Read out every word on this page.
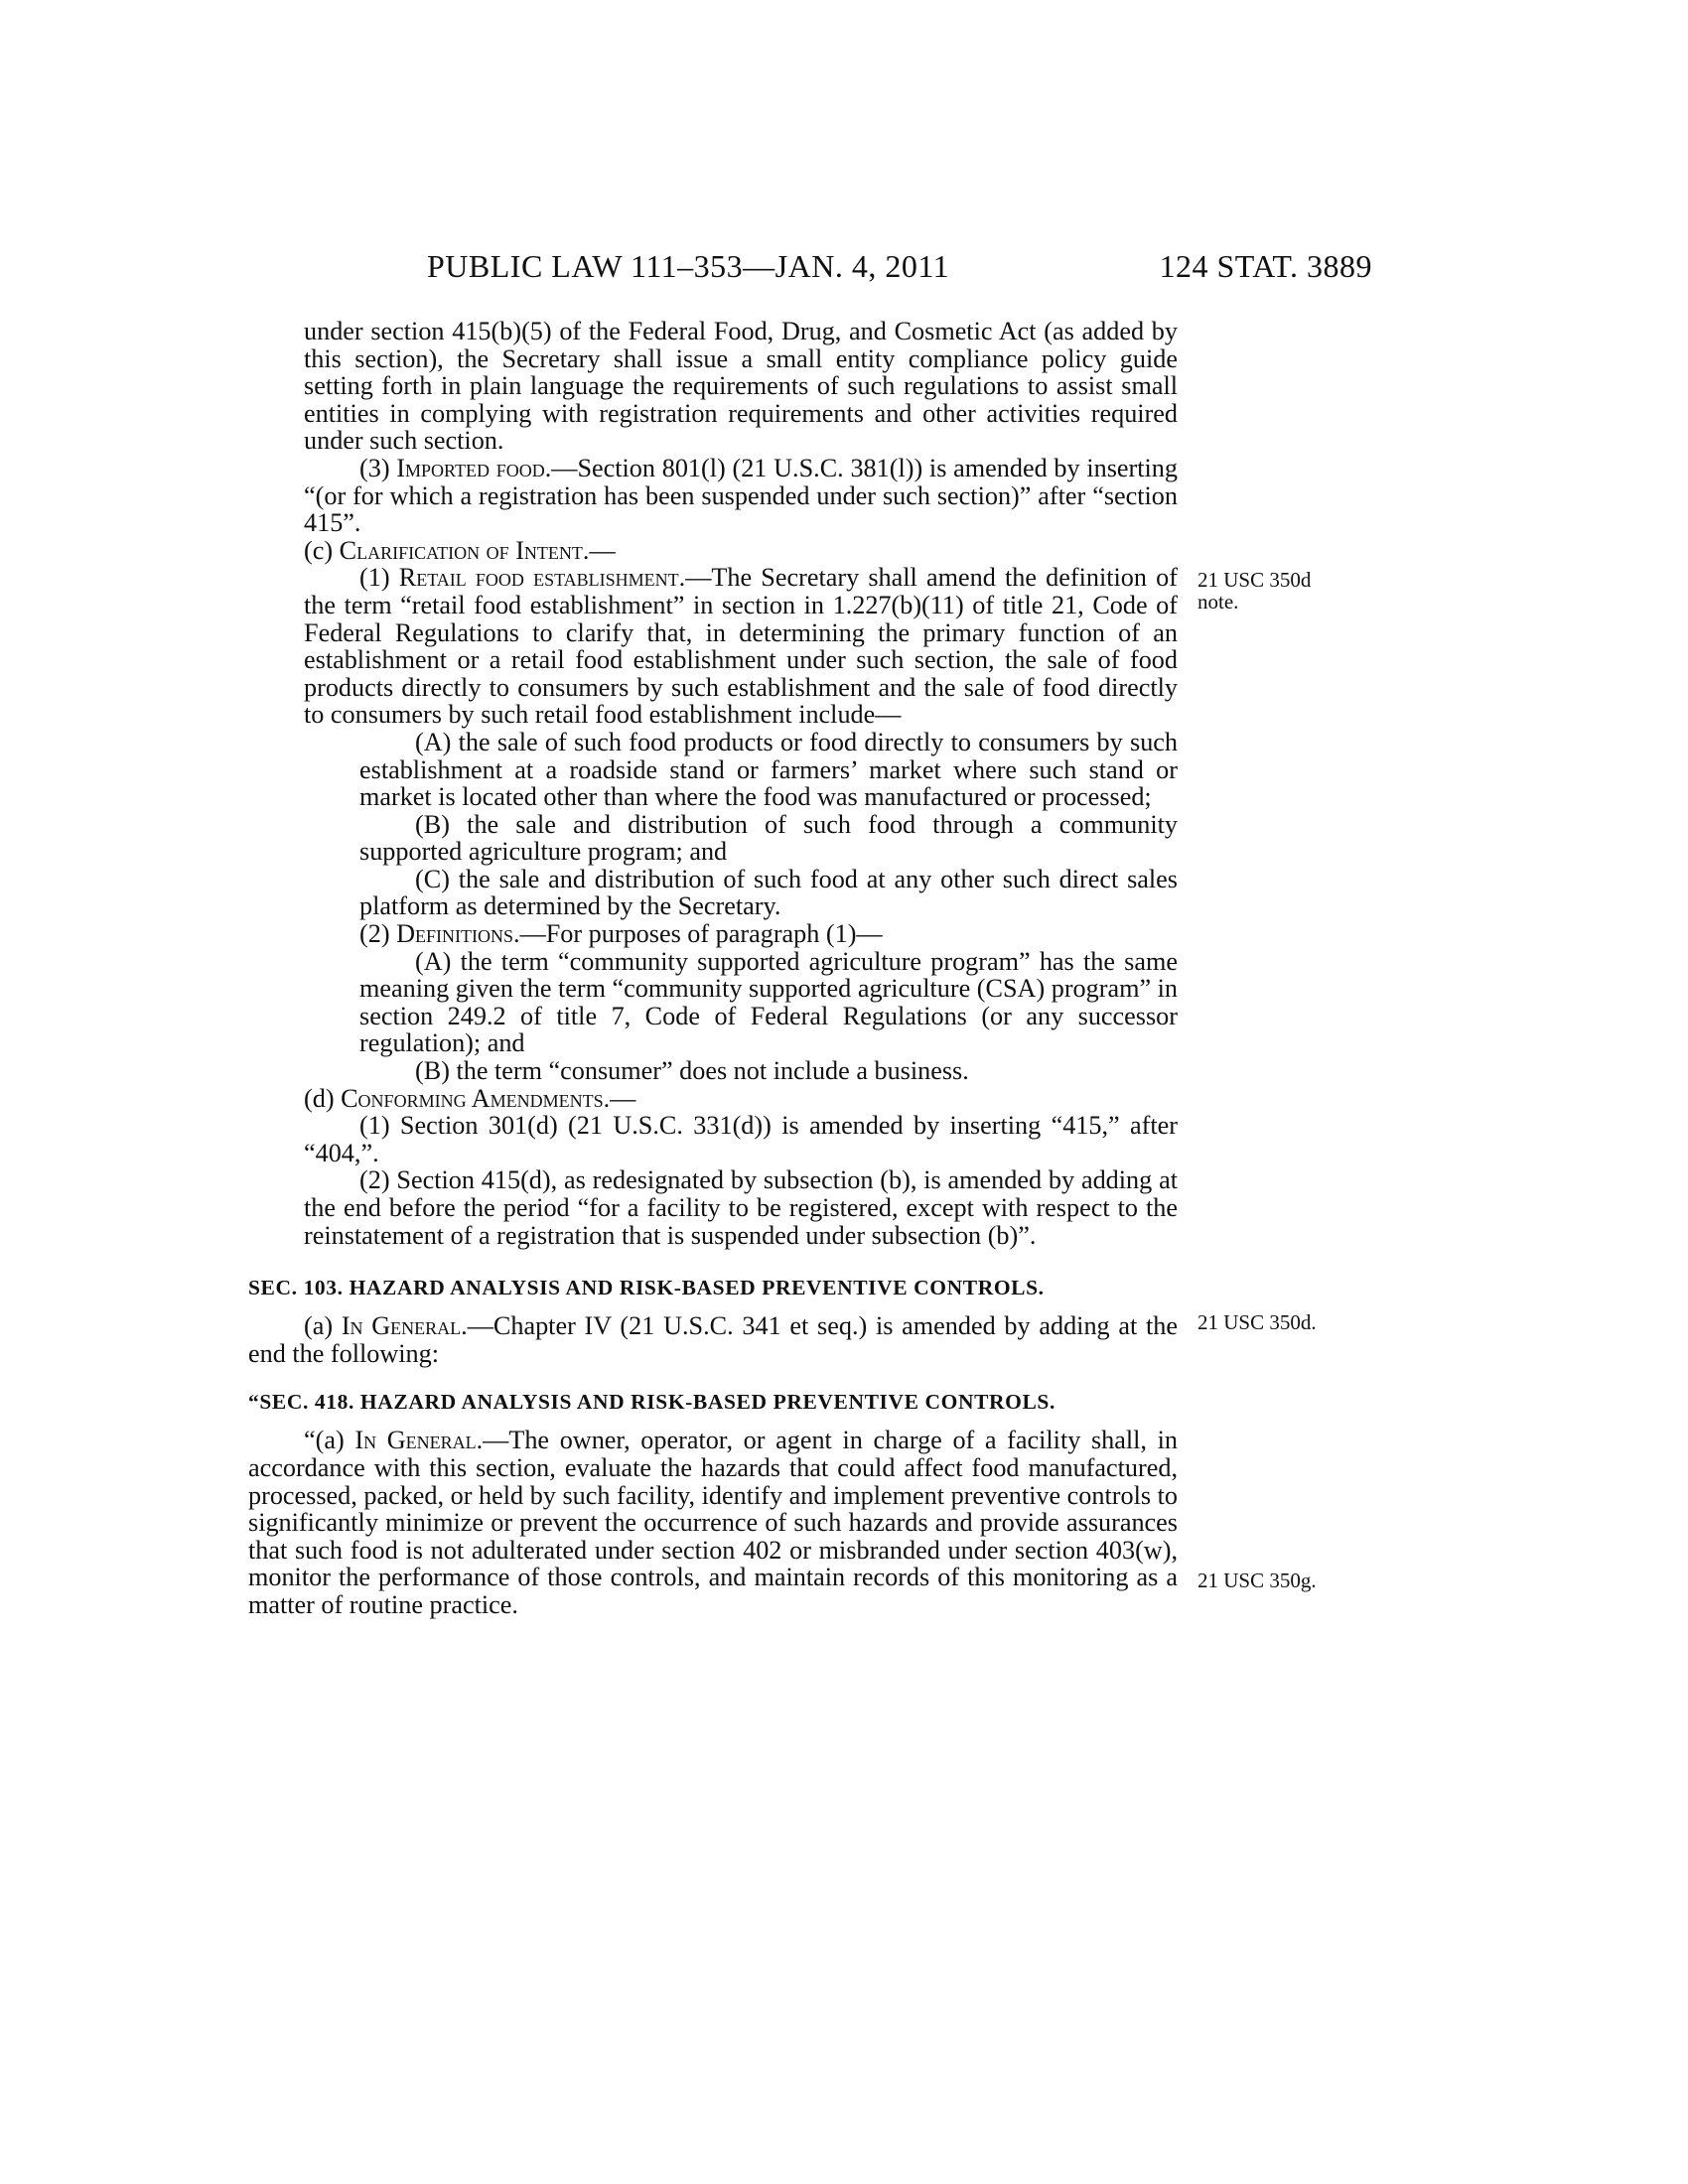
PUBLIC LAW 111–353—JAN. 4, 2011	124 STAT. 3889
21 USC 350d
note.
21 USC 350d.
21 USC 350g.

under section 415(b)(5) of the Federal Food, Drug, and Cosmetic Act (as added by this section), the Secretary shall issue a small entity compliance policy guide setting forth in plain language the requirements of such regulations to assist small entities in complying with registration requirements and other activities required under such section.

(3) Imported food.—Section 801(l) (21 U.S.C. 381(l)) is amended by inserting “(or for which a registration has been suspended under such section)” after “section 415”.

(c) Clarification of Intent.—

(1) Retail food establishment.—The Secretary shall amend the definition of the term “retail food establishment” in section in 1.227(b)(11) of title 21, Code of Federal Regulations to clarify that, in determining the primary function of an establishment or a retail food establishment under such section, the sale of food products directly to consumers by such establishment and the sale of food directly to consumers by such retail food establishment include—

(A) the sale of such food products or food directly to consumers by such establishment at a roadside stand or farmers’ market where such stand or market is located other than where the food was manufactured or processed;

(B) the sale and distribution of such food through a community supported agriculture program; and

(C) the sale and distribution of such food at any other such direct sales platform as determined by the Secretary.

(2) Definitions.—For purposes of paragraph (1)—

(A) the term “community supported agriculture program” has the same meaning given the term “community supported agriculture (CSA) program” in section 249.2 of title 7, Code of Federal Regulations (or any successor regulation); and

(B) the term “consumer” does not include a business.

(d) Conforming Amendments.—

(1) Section 301(d) (21 U.S.C. 331(d)) is amended by inserting “415,” after “404,”.

(2) Section 415(d), as redesignated by subsection (b), is amended by adding at the end before the period “for a facility to be registered, except with respect to the reinstatement of a registration that is suspended under subsection (b)”.

SEC. 103. HAZARD ANALYSIS AND RISK-BASED PREVENTIVE CONTROLS.

(a) In General.—Chapter IV (21 U.S.C. 341 et seq.) is amended by adding at the end the following:

“SEC. 418. HAZARD ANALYSIS AND RISK-BASED PREVENTIVE CONTROLS.

“(a) In General.—The owner, operator, or agent in charge of a facility shall, in accordance with this section, evaluate the hazards that could affect food manufactured, processed, packed, or held by such facility, identify and implement preventive controls to significantly minimize or prevent the occurrence of such hazards and provide assurances that such food is not adulterated under section 402 or misbranded under section 403(w), monitor the performance of those controls, and maintain records of this monitoring as a matter of routine practice.
